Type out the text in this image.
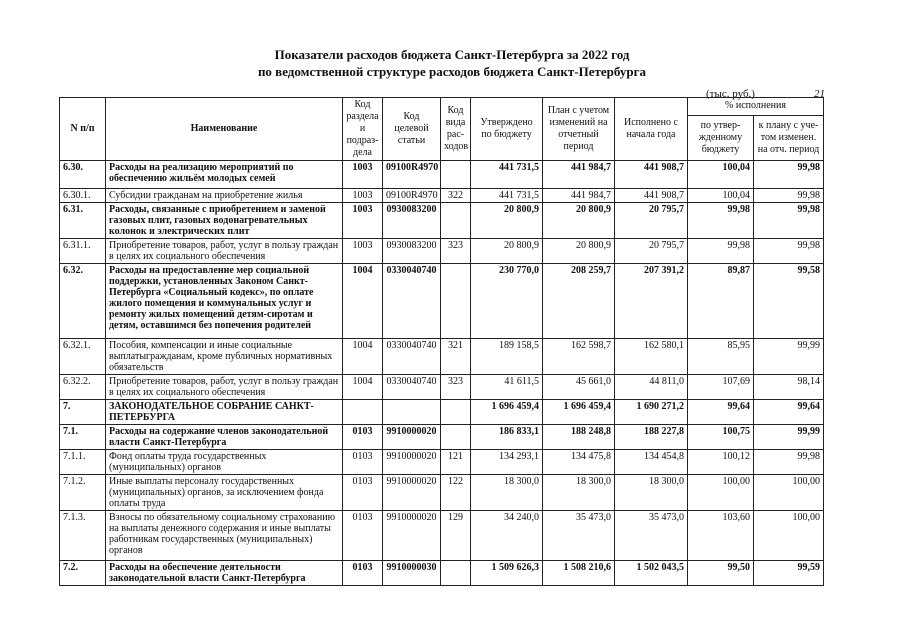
Показатели расходов бюджета Санкт-Петербурга за 2022 год
по ведомственной структуре расходов бюджета Санкт-Петербурга
(тыс. руб.)	21
N п/п	Наименование	Код раздела и подраз-дела	Код целевой статьи	Код вида рас-ходов	Утверждено по бюджету	План с учетом изменений на отчетный период	Исполнено с начала года	% исполнения	
								по утвер-жденному бюджету	к плану с уче-том изменен. на отч. период
6.30.	Расходы на реализацию мероприятий по обеспечению жильём молодых семей	1003	09100R4970		441 731,5	441 984,7	441 908,7	100,04	99,98
6.30.1.	Субсидии гражданам на приобретение жилья	1003	09100R4970	322	441 731,5	441 984,7	441 908,7	100,04	99,98
6.31.	Расходы, связанные с приобретением и заменой газовых плит, газовых водонагревательных колонок и электрических плит	1003	0930083200		20 800,9	20 800,9	20 795,7	99,98	99,98
6.31.1.	Приобретение товаров, работ, услуг в пользу граждан в целях их социального обеспечения	1003	0930083200	323	20 800,9	20 800,9	20 795,7	99,98	99,98
6.32.	Расходы на предоставление мер социальной поддержки, установленных Законом Санкт-Петербурга «Социальный кодекс», по оплате жилого помещения и коммунальных услуг и ремонту жилых помещений детям-сиротам и детям, оставшимся без попечения родителей	1004	0330040740		230 770,0	208 259,7	207 391,2	89,87	99,58
6.32.1.	Пособия, компенсации и иные социальные выплатыгражданам, кроме публичных нормативных обязательств	1004	0330040740	321	189 158,5	162 598,7	162 580,1	85,95	99,99
6.32.2.	Приобретение товаров, работ, услуг в пользу граждан в целях их социального обеспечения	1004	0330040740	323	41 611,5	45 661,0	44 811,0	107,69	98,14
7.	ЗАКОНОДАТЕЛЬНОЕ СОБРАНИЕ САНКТ-ПЕТЕРБУРГА				1 696 459,4	1 696 459,4	1 690 271,2	99,64	99,64
7.1.	Расходы на содержание членов законодательной власти Санкт-Петербурга	0103	9910000020		186 833,1	188 248,8	188 227,8	100,75	99,99
7.1.1.	Фонд оплаты труда государственных (муниципальных) органов	0103	9910000020	121	134 293,1	134 475,8	134 454,8	100,12	99,98
7.1.2.	Иные выплаты персоналу государственных (муниципальных) органов, за исключением фонда оплаты труда	0103	9910000020	122	18 300,0	18 300,0	18 300,0	100,00	100,00
7.1.3.	Взносы по обязательному социальному страхованию на выплаты денежного содержания и иные выплаты работникам государственных (муниципальных) органов	0103	9910000020	129	34 240,0	35 473,0	35 473,0	103,60	100,00
7.2.	Расходы на обеспечение деятельности законодательной власти Санкт-Петербурга	0103	9910000030		1 509 626,3	1 508 210,6	1 502 043,5	99,50	99,59
